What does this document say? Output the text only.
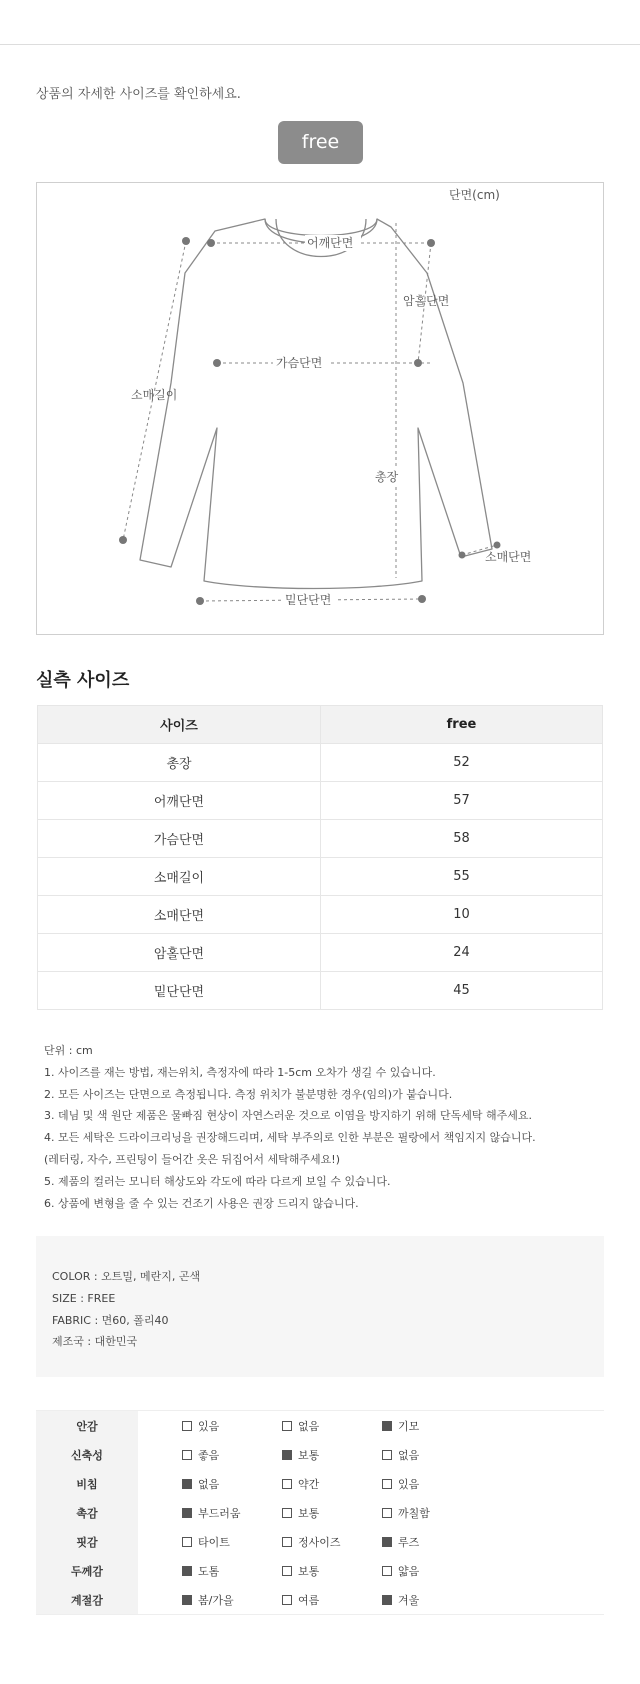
상품의 자세한 사이즈를 확인하세요.
free
단면(cm)
어깨단면
암홀단면
가슴단면
소매길이
총장
소매단면
밑단단면
실측 사이즈
사이즈	free
총장	52
어깨단면	57
가슴단면	58
소매길이	55
소매단면	10
암홀단면	24
밑단단면	45

단위 : cm

1. 사이즈를 재는 방법, 재는위치, 측정자에 따라 1-5cm 오차가 생길 수 있습니다.

2. 모든 사이즈는 단면으로 측정됩니다. 측정 위치가 불분명한 경우(임의)가 붙습니다.

3. 데님 및 색 원단 제품은 물빠짐 현상이 자연스러운 것으로 이염을 방지하기 위해 단독세탁 해주세요.

4. 모든 세탁은 드라이크리닝을 권장해드리며, 세탁 부주의로 인한 부분은 필랑에서 책임지지 않습니다.

(레터링, 자수, 프린팅이 들어간 옷은 뒤집어서 세탁해주세요!)

5. 제품의 컬러는 모니터 해상도와 각도에 따라 다르게 보일 수 있습니다.

6. 상품에 변형을 줄 수 있는 건조기 사용은 권장 드리지 않습니다.

COLOR : 오트밀, 메란지, 곤색
SIZE : FREE
FABRIC : 면60, 폴리40
제조국 : 대한민국
안감		있음	없음	기모	
신축성		좋음	보통	없음	
비침		없음	약간	있음	
촉감		부드러움	보통	까칠함	
핏감		타이트	정사이즈	루즈	
두께감		도톰	보통	얇음	
계절감		봄/가을	여름	겨울	
